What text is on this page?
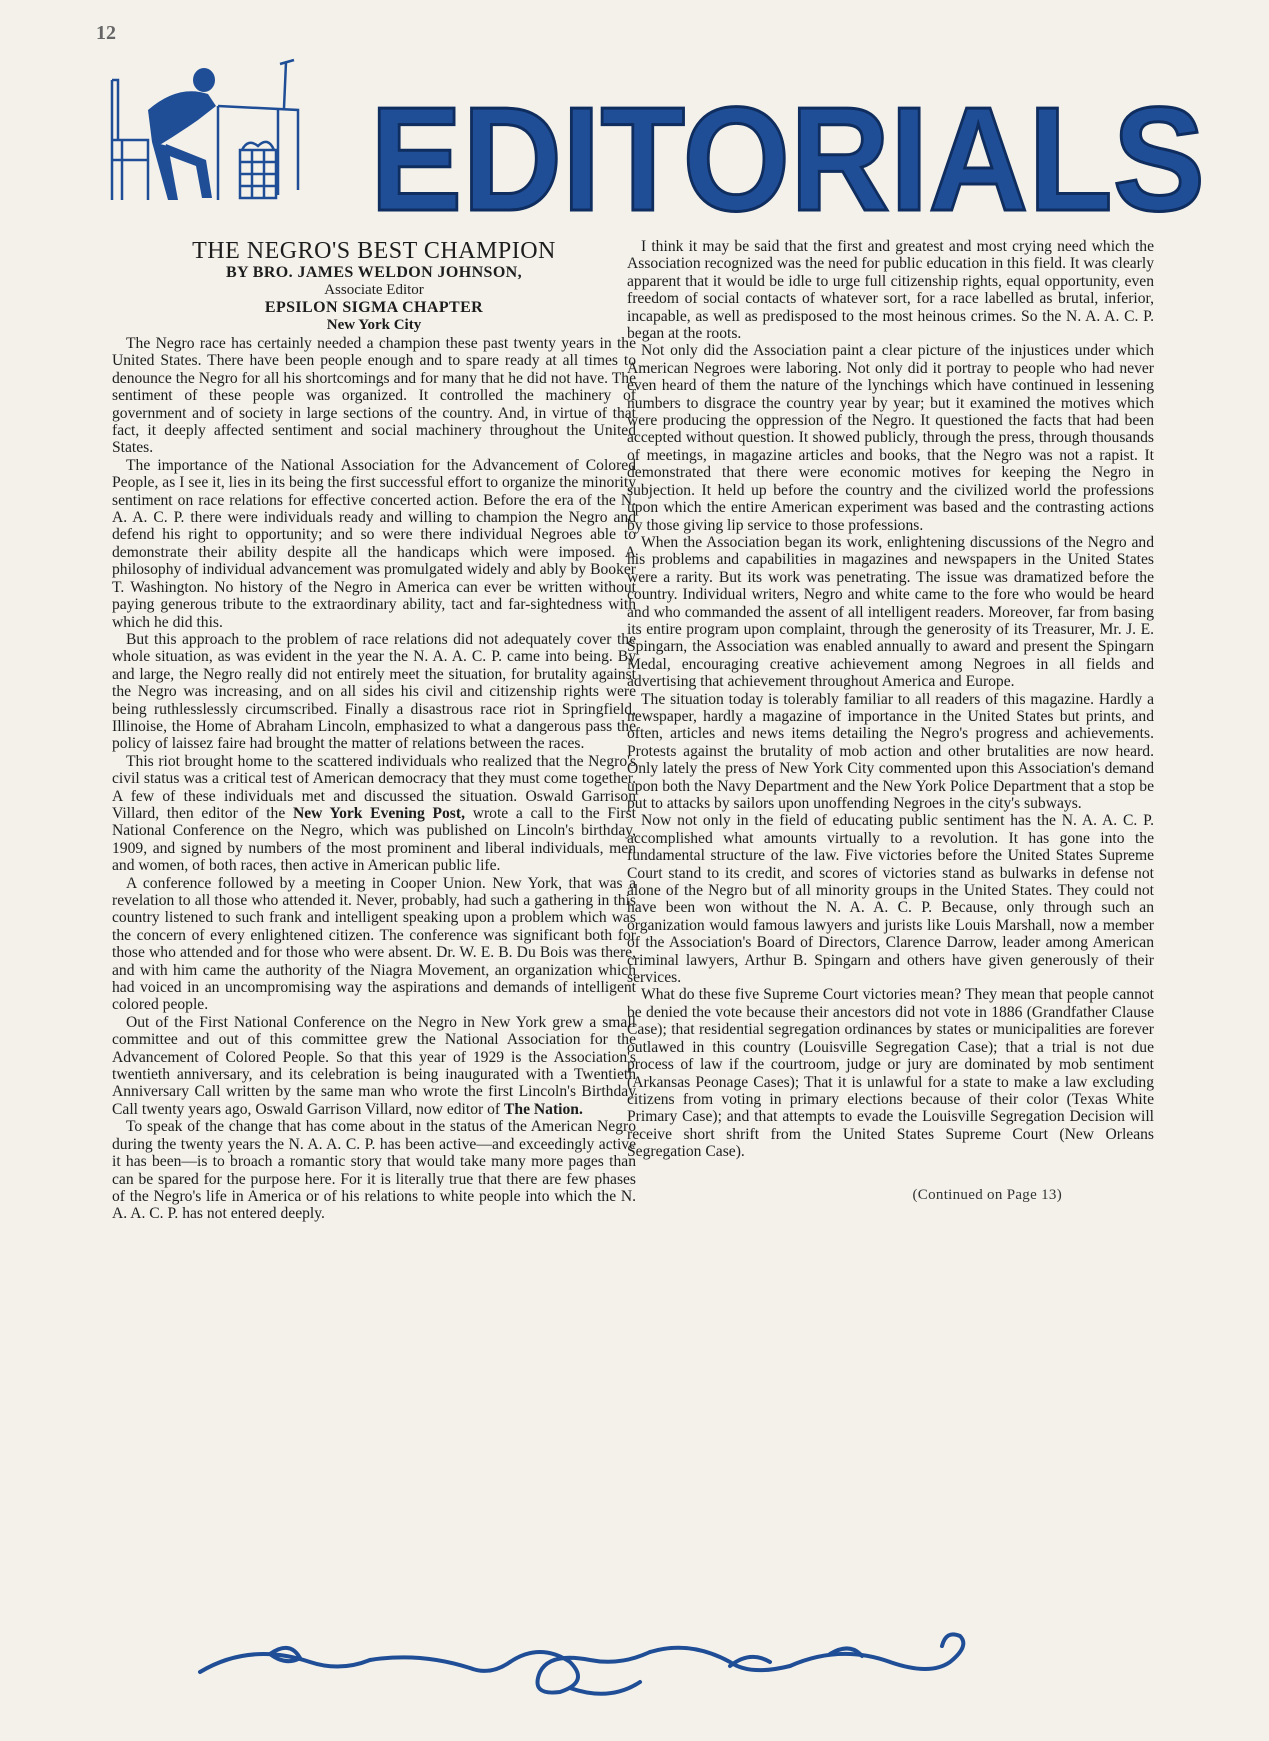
12
EDITORIALS
THE NEGRO'S BEST CHAMPION
BY BRO. JAMES WELDON JOHNSON,
Associate Editor
EPSILON SIGMA CHAPTER
New York City

The Negro race has certainly needed a champion these past twenty years in the United States. There have been people enough and to spare ready at all times to denounce the Negro for all his shortcomings and for many that he did not have. The sentiment of these people was organized. It controlled the machinery of government and of society in large sections of the country. And, in virtue of that fact, it deeply affected sentiment and social machinery throughout the United States.

The importance of the National Association for the Advancement of Colored People, as I see it, lies in its being the first successful effort to organize the minority sentiment on race relations for effective concerted action. Before the era of the N. A. A. C. P. there were individuals ready and willing to champion the Negro and defend his right to opportunity; and so were there individual Negroes able to demonstrate their ability despite all the handicaps which were imposed. A philosophy of individual advancement was promulgated widely and ably by Booker T. Washington. No history of the Negro in America can ever be written without paying generous tribute to the extraordinary ability, tact and far-sightedness with which he did this.

But this approach to the problem of race relations did not adequately cover the whole situation, as was evident in the year the N. A. A. C. P. came into being. By and large, the Negro really did not entirely meet the situation, for brutality against the Negro was increasing, and on all sides his civil and citizenship rights were being ruthlesslessly circumscribed. Finally a disastrous race riot in Springfield, Illinoise, the Home of Abraham Lincoln, emphasized to what a dangerous pass the policy of laissez faire had brought the matter of relations between the races.

This riot brought home to the scattered individuals who realized that the Negro's civil status was a critical test of American democracy that they must come together. A few of these individuals met and discussed the situation. Oswald Garrison Villard, then editor of the New York Evening Post, wrote a call to the First National Conference on the Negro, which was published on Lincoln's birthday, 1909, and signed by numbers of the most prominent and liberal individuals, men and women, of both races, then active in American public life.

A conference followed by a meeting in Cooper Union. New York, that was a revelation to all those who attended it. Never, probably, had such a gathering in this country listened to such frank and intelligent speaking upon a problem which was the concern of every enlightened citizen. The conference was significant both for those who attended and for those who were absent. Dr. W. E. B. Du Bois was there, and with him came the authority of the Niagra Movement, an organization which had voiced in an uncompromising way the aspirations and demands of intelligent colored people.

Out of the First National Conference on the Negro in New York grew a small committee and out of this committee grew the National Association for the Advancement of Colored People. So that this year of 1929 is the Association's twentieth anniversary, and its celebration is being inaugurated with a Twentieth Anniversary Call written by the same man who wrote the first Lincoln's Birthday Call twenty years ago, Oswald Garrison Villard, now editor of The Nation.

To speak of the change that has come about in the status of the American Negro during the twenty years the N. A. A. C. P. has been active—and exceedingly active it has been—is to broach a romantic story that would take many more pages than can be spared for the purpose here. For it is literally true that there are few phases of the Negro's life in America or of his relations to white people into which the N. A. A. C. P. has not entered deeply.

I think it may be said that the first and greatest and most crying need which the Association recognized was the need for public education in this field. It was clearly apparent that it would be idle to urge full citizenship rights, equal opportunity, even freedom of social contacts of whatever sort, for a race labelled as brutal, inferior, incapable, as well as predisposed to the most heinous crimes. So the N. A. A. C. P. began at the roots.

Not only did the Association paint a clear picture of the injustices under which American Negroes were laboring. Not only did it portray to people who had never even heard of them the nature of the lynchings which have continued in lessening numbers to disgrace the country year by year; but it examined the motives which were producing the oppression of the Negro. It questioned the facts that had been accepted without question. It showed publicly, through the press, through thousands of meetings, in magazine articles and books, that the Negro was not a rapist. It demonstrated that there were economic motives for keeping the Negro in subjection. It held up before the country and the civilized world the professions upon which the entire American experiment was based and the contrasting actions by those giving lip service to those professions.

When the Association began its work, enlightening discussions of the Negro and his problems and capabilities in magazines and newspapers in the United States were a rarity. But its work was penetrating. The issue was dramatized before the country. Individual writers, Negro and white came to the fore who would be heard and who commanded the assent of all intelligent readers. Moreover, far from basing its entire program upon complaint, through the generosity of its Treasurer, Mr. J. E. Spingarn, the Association was enabled annually to award and present the Spingarn Medal, encouraging creative achievement among Negroes in all fields and advertising that achievement throughout America and Europe.

The situation today is tolerably familiar to all readers of this magazine. Hardly a newspaper, hardly a magazine of importance in the United States but prints, and often, articles and news items detailing the Negro's progress and achievements. Protests against the brutality of mob action and other brutalities are now heard. Only lately the press of New York City commented upon this Association's demand upon both the Navy Department and the New York Police Department that a stop be put to attacks by sailors upon unoffending Negroes in the city's subways.

Now not only in the field of educating public sentiment has the N. A. A. C. P. accomplished what amounts virtually to a revolution. It has gone into the fundamental structure of the law. Five victories before the United States Supreme Court stand to its credit, and scores of victories stand as bulwarks in defense not alone of the Negro but of all minority groups in the United States. They could not have been won without the N. A. A. C. P. Because, only through such an organization would famous lawyers and jurists like Louis Marshall, now a member of the Association's Board of Directors, Clarence Darrow, leader among American criminal lawyers, Arthur B. Spingarn and others have given generously of their services.

What do these five Supreme Court victories mean? They mean that people cannot be denied the vote because their ancestors did not vote in 1886 (Grandfather Clause Case); that residential segregation ordinances by states or municipalities are forever outlawed in this country (Louisville Segregation Case); that a trial is not due process of law if the courtroom, judge or jury are dominated by mob sentiment (Arkansas Peonage Cases); That it is unlawful for a state to make a law excluding citizens from voting in primary elections because of their color (Texas White Primary Case); and that attempts to evade the Louisville Segregation Decision will receive short shrift from the United States Supreme Court (New Orleans Segregation Case).

(Continued on Page 13)
